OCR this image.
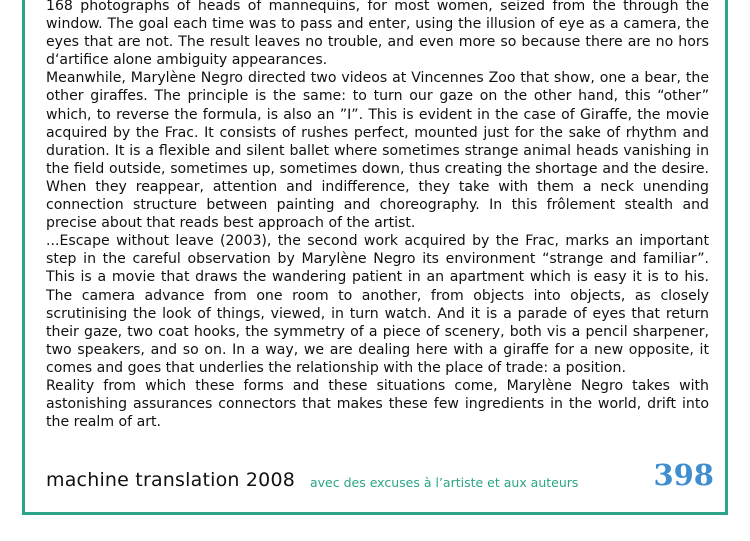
168 photographs of heads of mannequins, for most women, seized from the through the window. The goal each time was to pass and enter, using the illusion of eye as a camera, the eyes that are not. The result leaves no trouble, and even more so because there are no hors d‘artifice alone ambiguity appearances.

Meanwhile, Marylène Negro directed two videos at Vincennes Zoo that show, one a bear, the other giraffes. The principle is the same: to turn our gaze on the other hand, this “other” which, to reverse the formula, is also an ”I”. This is evident in the case of Giraffe, the movie acquired by the Frac. It consists of rushes perfect, mounted just for the sake of rhythm and duration. It is a flexible and silent ballet where sometimes strange animal heads vanishing in the field outside, sometimes up, sometimes down, thus creating the shortage and the desire. When they reappear, attention and indifference, they take with them a neck unending connection structure between painting and choreography. In this frôlement stealth and precise about that reads best approach of the artist.

...Escape without leave (2003), the second work acquired by the Frac, marks an important step in the careful observation by Marylène Negro its environment “strange and familiar”. This is a movie that draws the wandering patient in an apartment which is easy it is to his. The camera advance from one room to another, from objects into objects, as closely scrutinising the look of things, viewed, in turn watch. And it is a parade of eyes that return their gaze, two coat hooks, the symmetry of a piece of scenery, both vis a pencil sharpener, two speakers, and so on. In a way, we are dealing here with a giraffe for a new opposite, it comes and goes that underlies the relationship with the place of trade: a position.

Reality from which these forms and these situations come, Marylène Negro takes with astonishing assurances connectors that makes these few ingredients in the world, drift into the realm of art.

machine translation 2008 avec des excuses à l’artiste et aux auteurs	398
